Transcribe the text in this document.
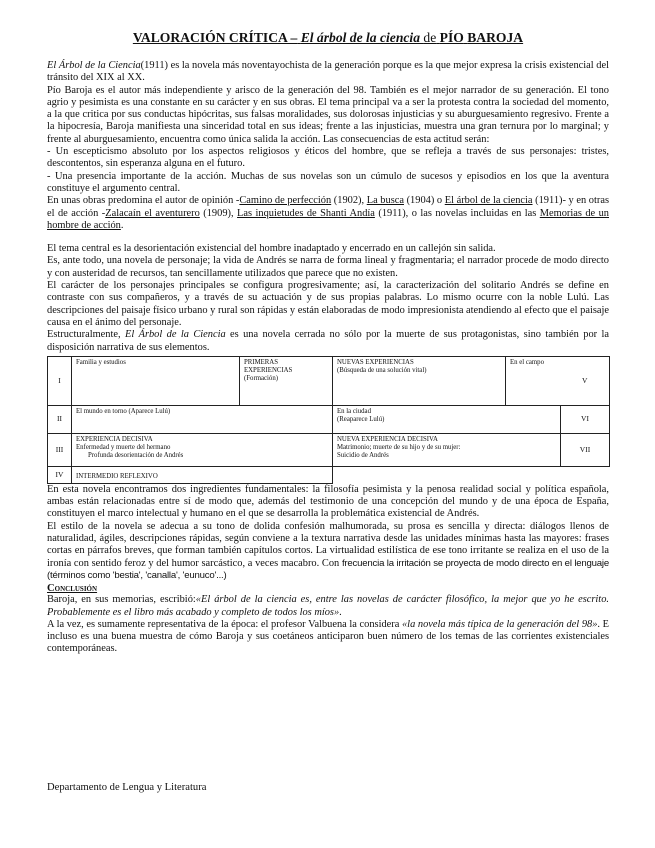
VALORACIÓN CRÍTICA – El árbol de la ciencia de PÍO BAROJA

El Árbol de la Ciencia(1911) es la novela más noventayochista de la generación porque es la que mejor expresa la crisis existencial del tránsito del XIX al XX.

Pío Baroja es el autor más independiente y arisco de la generación del 98. También es el mejor narrador de su generación. El tono agrio y pesimista es una constante en su carácter y en sus obras. El tema principal va a ser la protesta contra la sociedad del momento, a la que critica por sus conductas hipócritas, sus falsas moralidades, sus dolorosas injusticias y su aburguesamiento regresivo. Frente a la hipocresía, Baroja manifiesta una sinceridad total en sus ideas; frente a las injusticias, muestra una gran ternura por lo marginal; y frente al aburguesamiento, encuentra como única salida la acción. Las consecuencias de esta actitud serán:

- Un escepticismo absoluto por los aspectos religiosos y éticos del hombre, que se refleja a través de sus personajes: tristes, descontentos, sin esperanza alguna en el futuro.

- Una presencia importante de la acción. Muchas de sus novelas son un cúmulo de sucesos y episodios en los que la aventura constituye el argumento central.

En unas obras predomina el autor de opinión -Camino de perfección (1902), La busca (1904) o El árbol de la ciencia (1911)- y en otras el de acción -Zalacaín el aventurero (1909), Las inquietudes de Shanti Andía (1911), o las novelas incluidas en las Memorias de un hombre de acción.

El tema central es la desorientación existencial del hombre inadaptado y encerrado en un callejón sin salida.

Es, ante todo, una novela de personaje; la vida de Andrés se narra de forma lineal y fragmentaria; el narrador procede de modo directo y con austeridad de recursos, tan sencillamente utilizados que parece que no existen.

El carácter de los personajes principales se configura progresivamente; así, la caracterización del solitario Andrés se define en contraste con sus compañeros, y a través de su actuación y de sus propias palabras. Lo mismo ocurre con la noble Lulú. Las descripciones del paisaje físico urbano y rural son rápidas y están elaboradas de modo impresionista atendiendo al efecto que el paisaje causa en el ánimo del personaje.

Estructuralmente, El Árbol de la Ciencia es una novela cerrada no sólo por la muerte de sus protagonistas, sino también por la disposición narrativa de sus elementos.

I	Familia y estudios	PRIMERAS
EXPERIENCIAS
(Formación)	NUEVAS EXPERIENCIAS
(Búsqueda de una solución vital)	En el campo	V
II	El mundo en torno (Aparece Lulú)		En la ciudad
(Reaparece Lulú)		VI
III	EXPERIENCIA DECISIVA
Enfermedad y muerte del hermano

Profunda desorientación de Andrés		NUEVA EXPERIENCIA DECISIVA
Matrimonio; muerte de su hijo y de su mujer:
Suicidio de Andrés		VII
IV	INTERMEDIO REFLEXIVO				

En esta novela encontramos dos ingredientes fundamentales: la filosofía pesimista y la penosa realidad social y política española, ambas están relacionadas entre sí de modo que, además del testimonio de una concepción del mundo y de una época de España, constituyen el marco intelectual y humano en el que se desarrolla la problemática existencial de Andrés.

El estilo de la novela se adecua a su tono de dolida confesión malhumorada, su prosa es sencilla y directa: diálogos llenos de naturalidad, ágiles, descripciones rápidas, según conviene a la textura narrativa desde las unidades mínimas hasta las mayores: frases cortas en párrafos breves, que forman también capítulos cortos. La virtualidad estilística de ese tono irritante se realiza en el uso de la ironía con sentido feroz y del humor sarcástico, a veces macabro. Con frecuencia la irritación se proyecta de modo directo en el lenguaje (términos como 'bestia', 'canalla', 'eunuco'...)

Conclusión

Baroja, en sus memorias, escribió:«El árbol de la ciencia es, entre las novelas de carácter filosófico, la mejor que yo he escrito. Probablemente es el libro más acabado y completo de todos los míos».

A la vez, es sumamente representativa de la época: el profesor Valbuena la considera «la novela más típica de la generación del 98». E incluso es una buena muestra de cómo Baroja y sus coetáneos anticiparon buen número de los temas de las corrientes existenciales contemporáneas.

Departamento de Lengua y Literatura
